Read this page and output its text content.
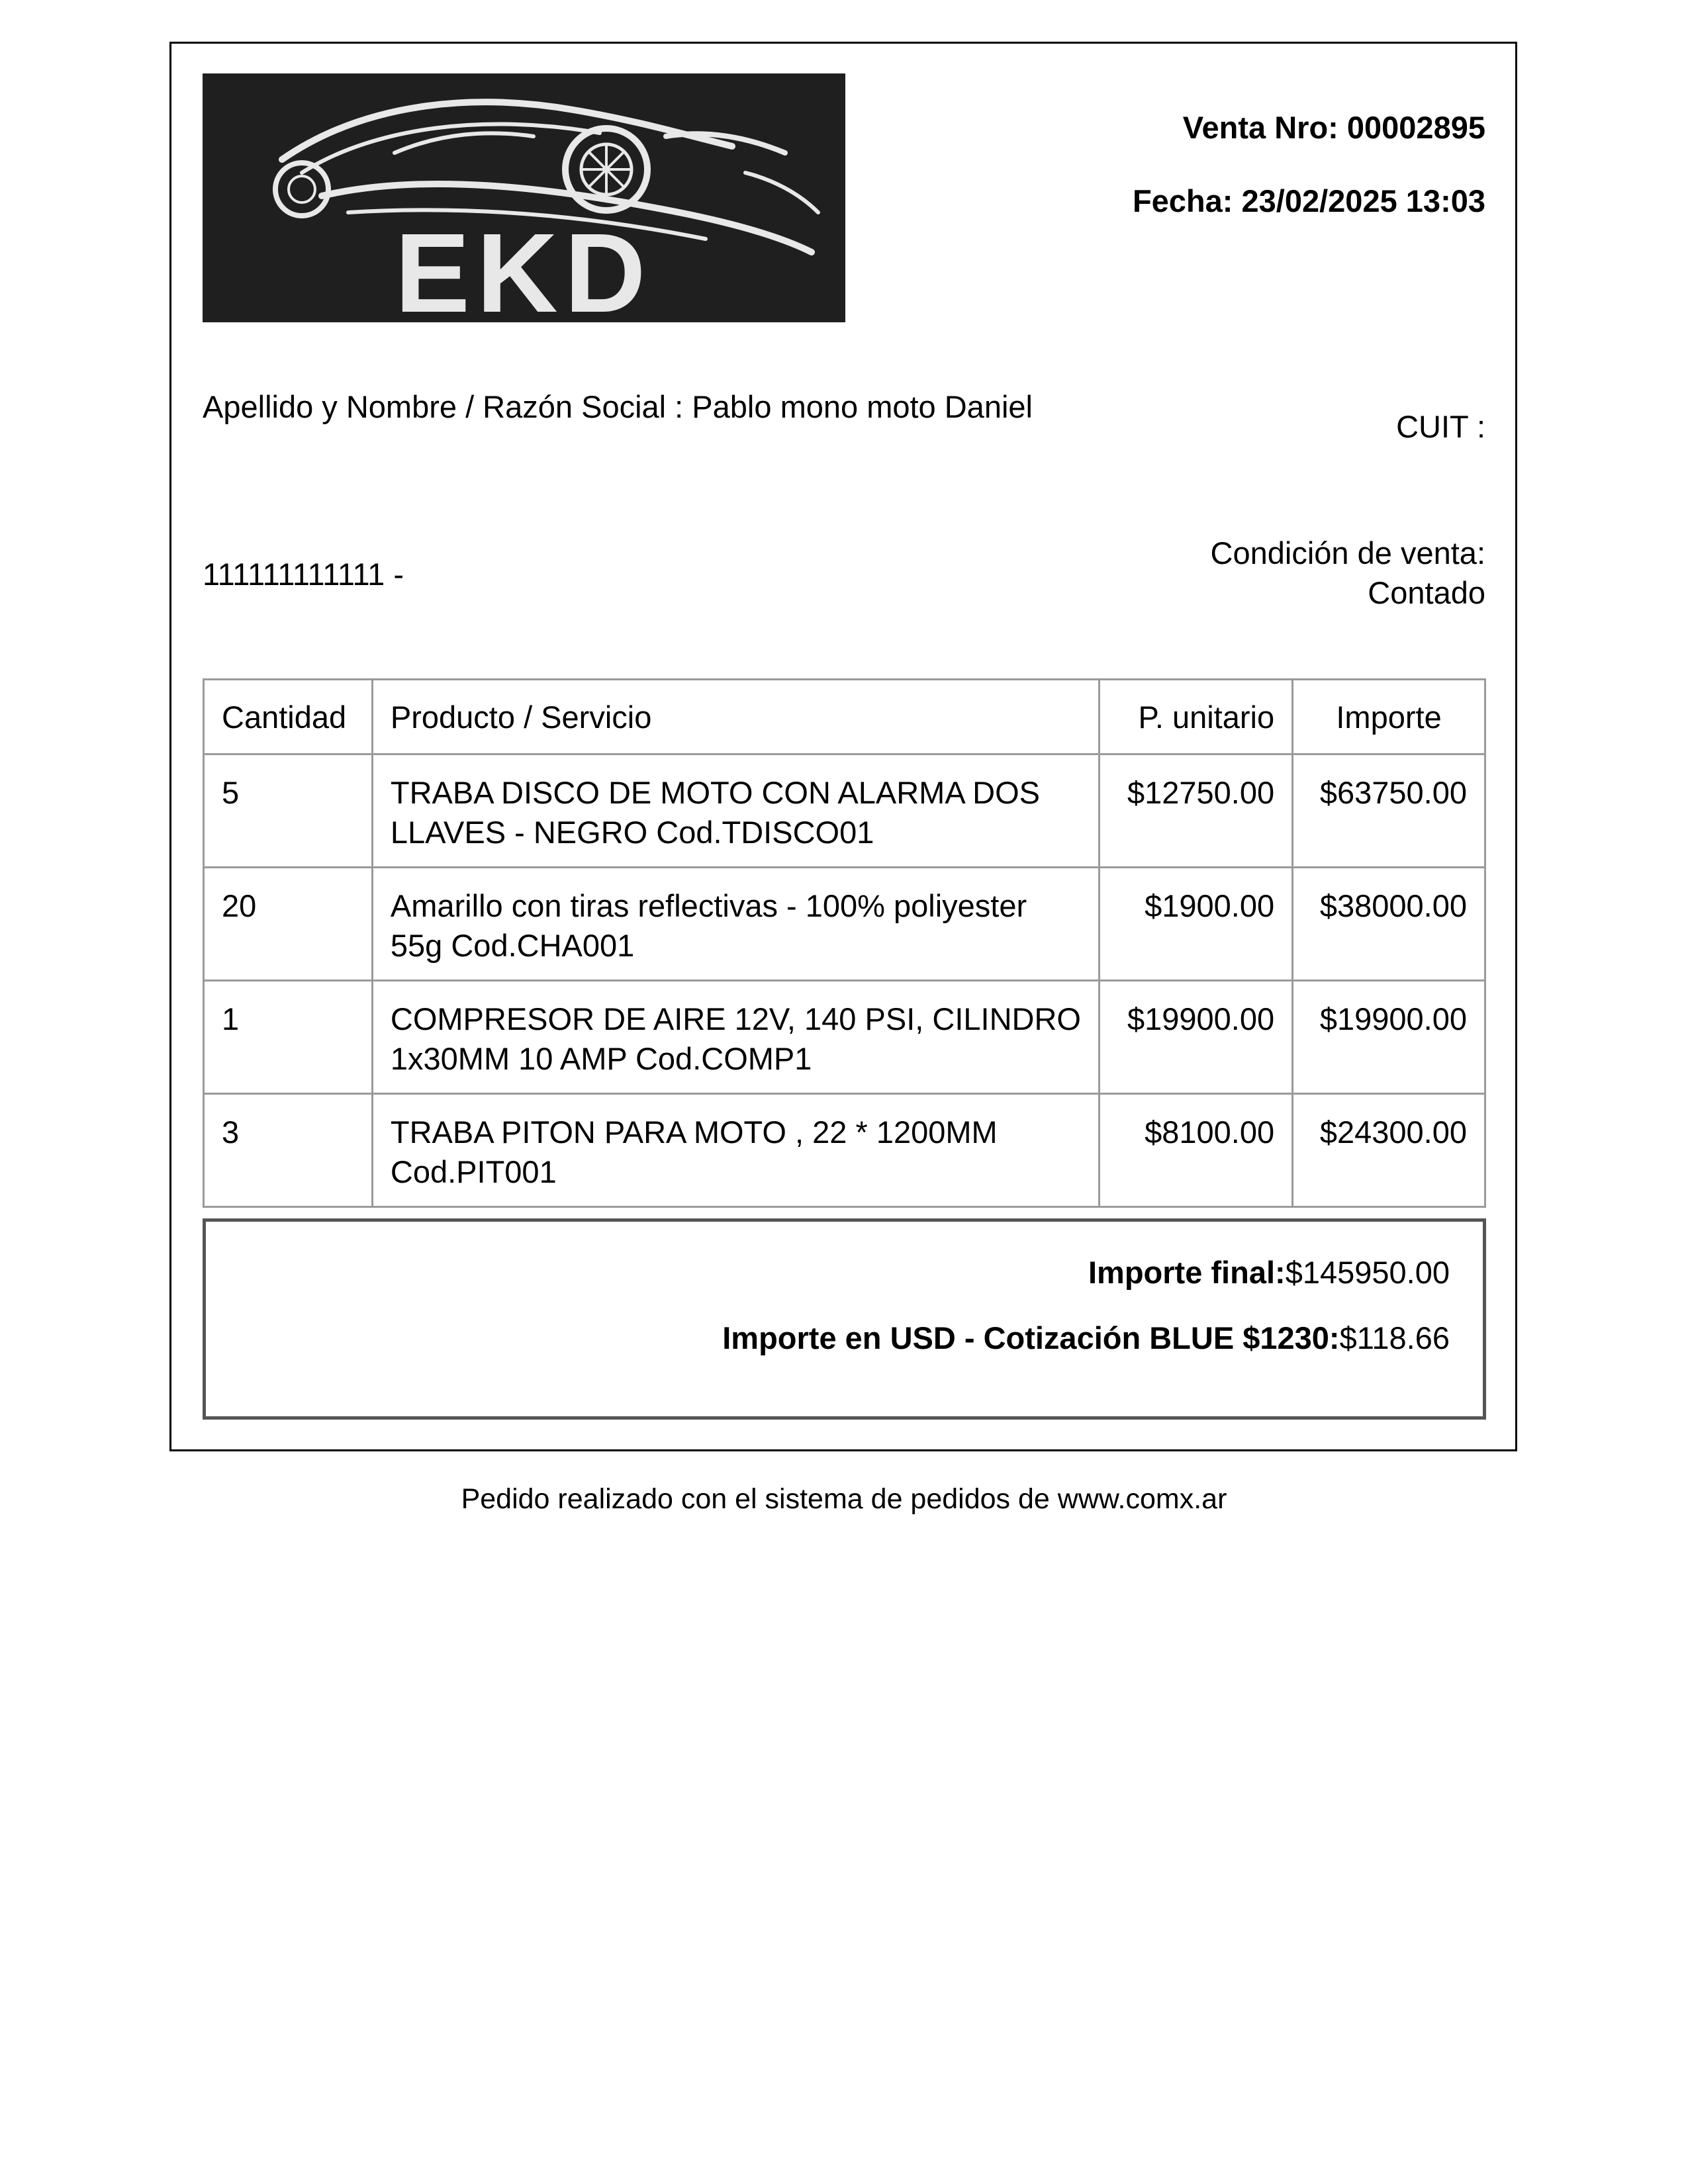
EKD
Venta Nro: 00002895
Fecha: 23/02/2025 13:03
Apellido y Nombre / Razón Social : Pablo mono moto Daniel
CUIT :
111111111111 -
Condición de venta:
Contado
Cantidad	Producto / Servicio	P. unitario	Importe
5	TRABA DISCO DE MOTO CON ALARMA DOS LLAVES - NEGRO Cod.TDISCO01	$12750.00	$63750.00
20	Amarillo con tiras reflectivas - 100% poliyester 55g Cod.CHA001	$1900.00	$38000.00
1	COMPRESOR DE AIRE 12V, 140 PSI, CILINDRO 1x30MM 10 AMP Cod.COMP1	$19900.00	$19900.00
3	TRABA PITON PARA MOTO , 22 * 1200MM Cod.PIT001	$8100.00	$24300.00
Importe final:$145950.00
Importe en USD - Cotización BLUE $1230:$118.66
Pedido realizado con el sistema de pedidos de www.comx.ar
